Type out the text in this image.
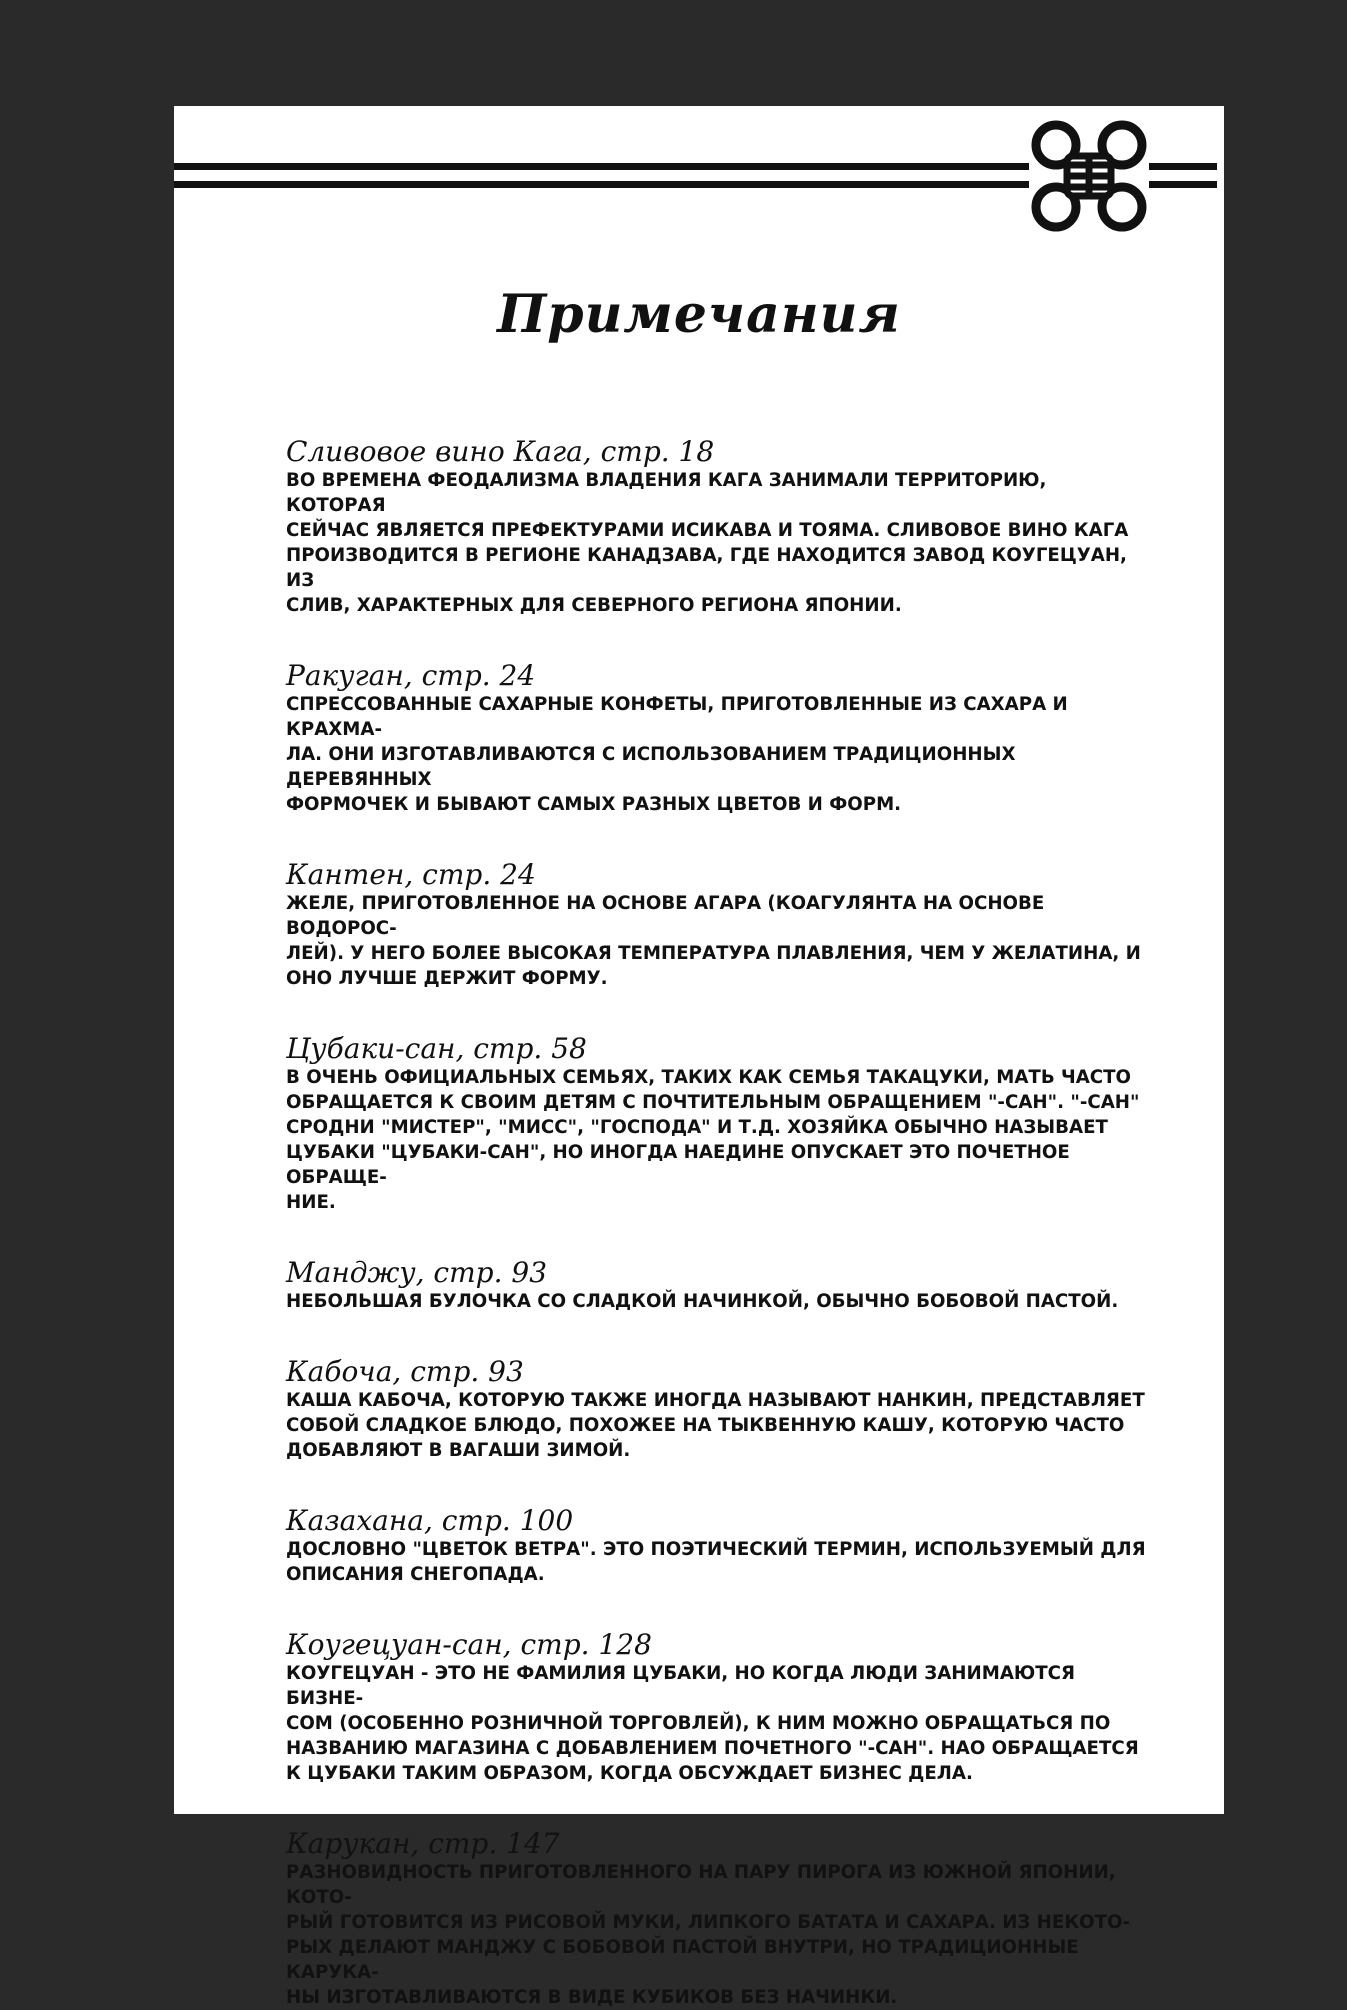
Примечания
Сливовое вино Кага, стр. 18
ВО ВРЕМЕНА ФЕОДАЛИЗМА ВЛАДЕНИЯ КАГА ЗАНИМАЛИ ТЕРРИТОРИЮ, КОТОРАЯ
СЕЙЧАС ЯВЛЯЕТСЯ ПРЕФЕКТУРАМИ ИСИКАВА И ТОЯМА. СЛИВОВОЕ ВИНО КАГА
ПРОИЗВОДИТСЯ В РЕГИОНЕ КАНАДЗАВА, ГДЕ НАХОДИТСЯ ЗАВОД КОУГЕЦУАН, ИЗ
СЛИВ, ХАРАКТЕРНЫХ ДЛЯ СЕВЕРНОГО РЕГИОНА ЯПОНИИ.
Ракуган, стр. 24
СПРЕССОВАННЫЕ САХАРНЫЕ КОНФЕТЫ, ПРИГОТОВЛЕННЫЕ ИЗ САХАРА И КРАХМА-
ЛА. ОНИ ИЗГОТАВЛИВАЮТСЯ С ИСПОЛЬЗОВАНИЕМ ТРАДИЦИОННЫХ ДЕРЕВЯННЫХ
ФОРМОЧЕК И БЫВАЮТ САМЫХ РАЗНЫХ ЦВЕТОВ И ФОРМ.
Кантен, стр. 24
ЖЕЛЕ, ПРИГОТОВЛЕННОЕ НА ОСНОВЕ АГАРА (КОАГУЛЯНТА НА ОСНОВЕ ВОДОРОС-
ЛЕЙ). У НЕГО БОЛЕЕ ВЫСОКАЯ ТЕМПЕРАТУРА ПЛАВЛЕНИЯ, ЧЕМ У ЖЕЛАТИНА, И
ОНО ЛУЧШЕ ДЕРЖИТ ФОРМУ.
Цубаки-сан, стр. 58
В ОЧЕНЬ ОФИЦИАЛЬНЫХ СЕМЬЯХ, ТАКИХ КАК СЕМЬЯ ТАКАЦУКИ, МАТЬ ЧАСТО
ОБРАЩАЕТСЯ К СВОИМ ДЕТЯМ С ПОЧТИТЕЛЬНЫМ ОБРАЩЕНИЕМ "-САН". "-САН"
СРОДНИ "МИСТЕР", "МИСС", "ГОСПОДА" И Т.Д. ХОЗЯЙКА ОБЫЧНО НАЗЫВАЕТ
ЦУБАКИ "ЦУБАКИ-САН", НО ИНОГДА НАЕДИНЕ ОПУСКАЕТ ЭТО ПОЧЕТНОЕ ОБРАЩЕ-
НИЕ.
Манджу, стр. 93
НЕБОЛЬШАЯ БУЛОЧКА СО СЛАДКОЙ НАЧИНКОЙ, ОБЫЧНО БОБОВОЙ ПАСТОЙ.
Кабоча, стр. 93
КАША КАБОЧА, КОТОРУЮ ТАКЖЕ ИНОГДА НАЗЫВАЮТ НАНКИН, ПРЕДСТАВЛЯЕТ
СОБОЙ СЛАДКОЕ БЛЮДО, ПОХОЖЕЕ НА ТЫКВЕННУЮ КАШУ, КОТОРУЮ ЧАСТО
ДОБАВЛЯЮТ В ВАГАШИ ЗИМОЙ.
Казахана, стр. 100
ДОСЛОВНО "ЦВЕТОК ВЕТРА". ЭТО ПОЭТИЧЕСКИЙ ТЕРМИН, ИСПОЛЬЗУЕМЫЙ ДЛЯ
ОПИСАНИЯ СНЕГОПАДА.
Коугецуан-сан, стр. 128
КОУГЕЦУАН - ЭТО НЕ ФАМИЛИЯ ЦУБАКИ, НО КОГДА ЛЮДИ ЗАНИМАЮТСЯ БИЗНЕ-
СОМ (ОСОБЕННО РОЗНИЧНОЙ ТОРГОВЛЕЙ), К НИМ МОЖНО ОБРАЩАТЬСЯ ПО
НАЗВАНИЮ МАГАЗИНА С ДОБАВЛЕНИЕМ ПОЧЕТНОГО "-САН". НАО ОБРАЩАЕТСЯ
К ЦУБАКИ ТАКИМ ОБРАЗОМ, КОГДА ОБСУЖДАЕТ БИЗНЕС ДЕЛА.
Карукан, стр. 147
РАЗНОВИДНОСТЬ ПРИГОТОВЛЕННОГО НА ПАРУ ПИРОГА ИЗ ЮЖНОЙ ЯПОНИИ, КОТО-
РЫЙ ГОТОВИТСЯ ИЗ РИСОВОЙ МУКИ, ЛИПКОГО БАТАТА И САХАРА. ИЗ НЕКОТО-
РЫХ ДЕЛАЮТ МАНДЖУ С БОБОВОЙ ПАСТОЙ ВНУТРИ, НО ТРАДИЦИОННЫЕ КАРУКА-
НЫ ИЗГОТАВЛИВАЮТСЯ В ВИДЕ КУБИКОВ БЕЗ НАЧИНКИ.
